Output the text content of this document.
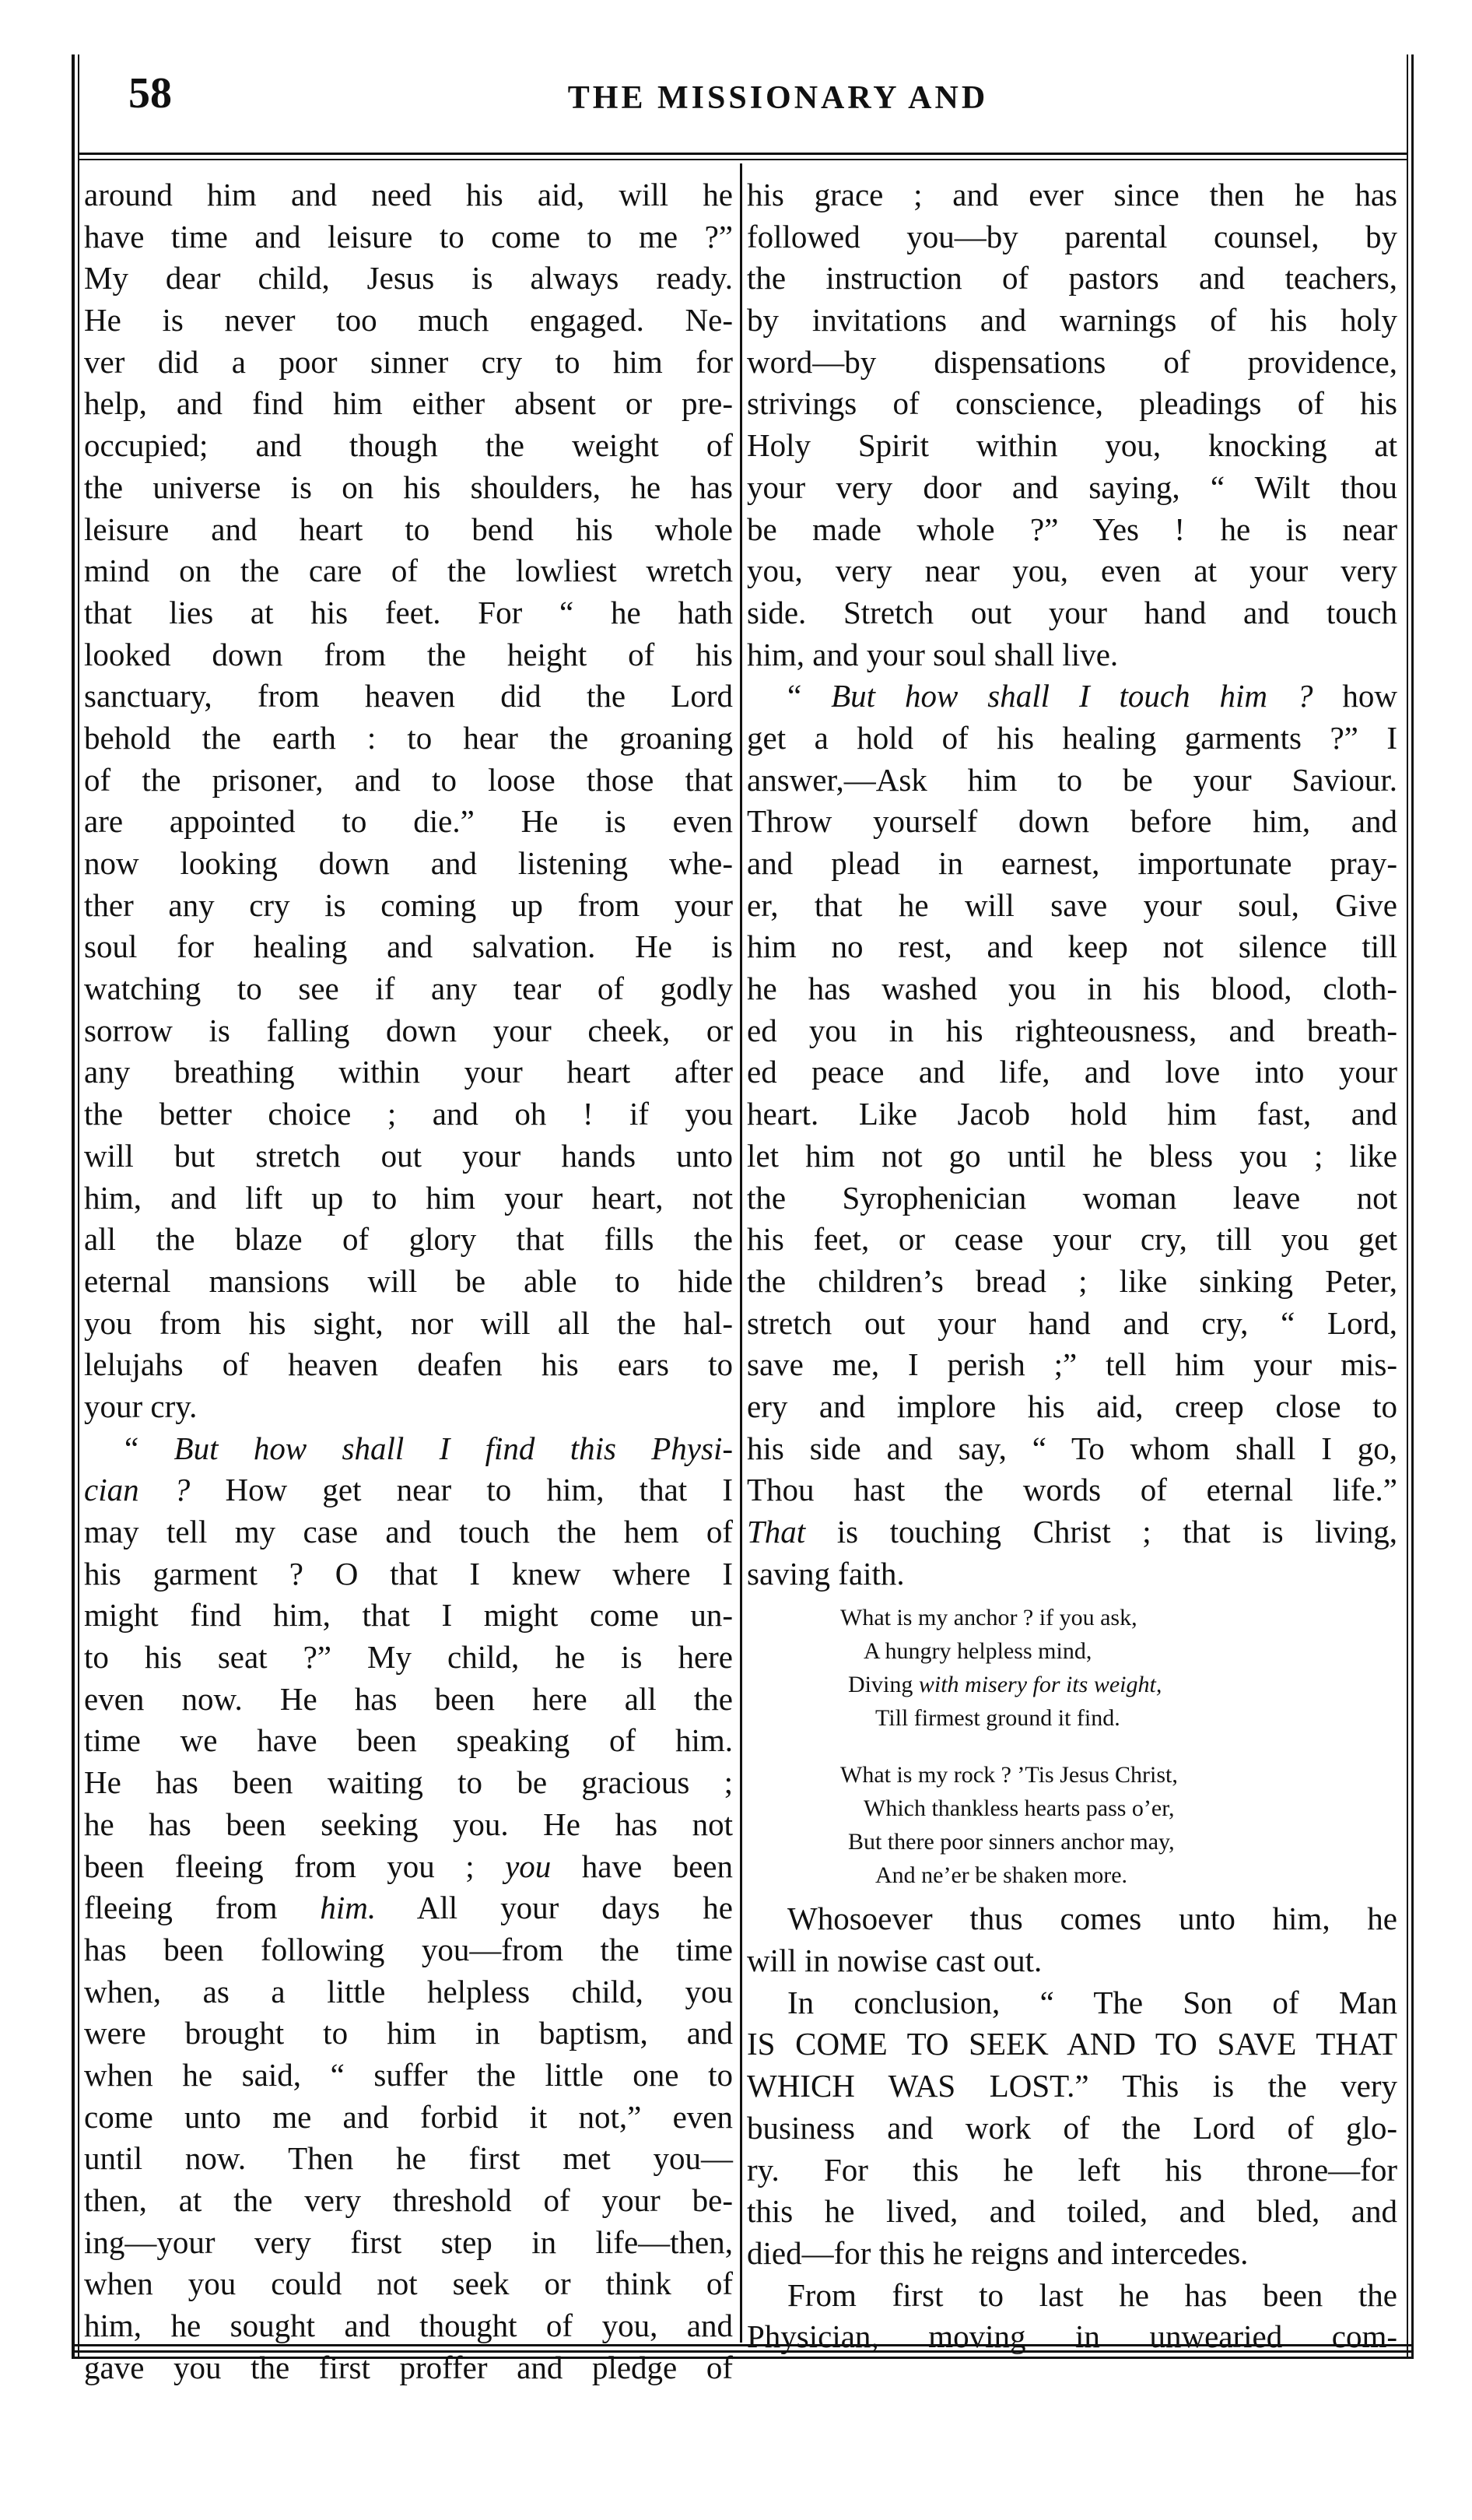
58	THE MISSIONARY AND
around him and need his aid, will he
have time and leisure to come to me ?”
My dear child, Jesus is always ready.
He is never too much engaged. Ne-
ver did a poor sinner cry to him for
help, and find him either absent or pre-
occupied; and though the weight of
the universe is on his shoulders, he has
leisure and heart to bend his whole
mind on the care of the lowliest wretch
that lies at his feet. For “ he hath
looked down from the height of his
sanctuary, from heaven did the Lord
behold the earth : to hear the groaning
of the prisoner, and to loose those that
are appointed to die.” He is even
now looking down and listening whe-
ther any cry is coming up from your
soul for healing and salvation. He is
watching to see if any tear of godly
sorrow is falling down your cheek, or
any breathing within your heart after
the better choice ; and oh ! if you
will but stretch out your hands unto
him, and lift up to him your heart, not
all the blaze of glory that fills the
eternal mansions will be able to hide
you from his sight, nor will all the hal-
lelujahs of heaven deafen his ears to
your cry.
“ But how shall I find this Physi-
cian ? How get near to him, that I
may tell my case and touch the hem of
his garment ? O that I knew where I
might find him, that I might come un-
to his seat ?” My child, he is here
even now. He has been here all the
time we have been speaking of him.
He has been waiting to be gracious ;
he has been seeking you. He has not
been fleeing from you ; you have been
fleeing from him. All your days he
has been following you—from the time
when, as a little helpless child, you
were brought to him in baptism, and
when he said, “ suffer the little one to
come unto me and forbid it not,” even
until now. Then he first met you—
then, at the very threshold of your be-
ing—your very first step in life—then,
when you could not seek or think of
him, he sought and thought of you, and
gave you the first proffer and pledge of
his grace ; and ever since then he has
followed you—by parental counsel, by
the instruction of pastors and teachers,
by invitations and warnings of his holy
word—by dispensations of providence,
strivings of conscience, pleadings of his
Holy Spirit within you, knocking at
your very door and saying, “ Wilt thou
be made whole ?” Yes ! he is near
you, very near you, even at your very
side. Stretch out your hand and touch
him, and your soul shall live.
“ But how shall I touch him ? how
get a hold of his healing garments ?” I
answer,—Ask him to be your Saviour.
Throw yourself down before him, and
and plead in earnest, importunate pray-
er, that he will save your soul, Give
him no rest, and keep not silence till
he has washed you in his blood, cloth-
ed you in his righteousness, and breath-
ed peace and life, and love into your
heart. Like Jacob hold him fast, and
let him not go until he bless you ; like
the Syrophenician woman leave not
his feet, or cease your cry, till you get
the children’s bread ; like sinking Peter,
stretch out your hand and cry, “ Lord,
save me, I perish ;” tell him your mis-
ery and implore his aid, creep close to
his side and say, “ To whom shall I go,
Thou hast the words of eternal life.”
That is touching Christ ; that is living,
saving faith.
What is my anchor ? if you ask,
A hungry helpless mind,
Diving with misery for its weight,
Till firmest ground it find.
What is my rock ? ’Tis Jesus Christ,
Which thankless hearts pass o’er,
But there poor sinners anchor may,
And ne’er be shaken more.
Whosoever thus comes unto him, he
will in nowise cast out.
In conclusion, “ The Son of Man
IS COME TO SEEK AND TO SAVE THAT
WHICH WAS LOST.” This is the very
business and work of the Lord of glo-
ry. For this he left his throne—for
this he lived, and toiled, and bled, and
died—for this he reigns and intercedes.
From first to last he has been the
Physician, moving in unwearied com-
